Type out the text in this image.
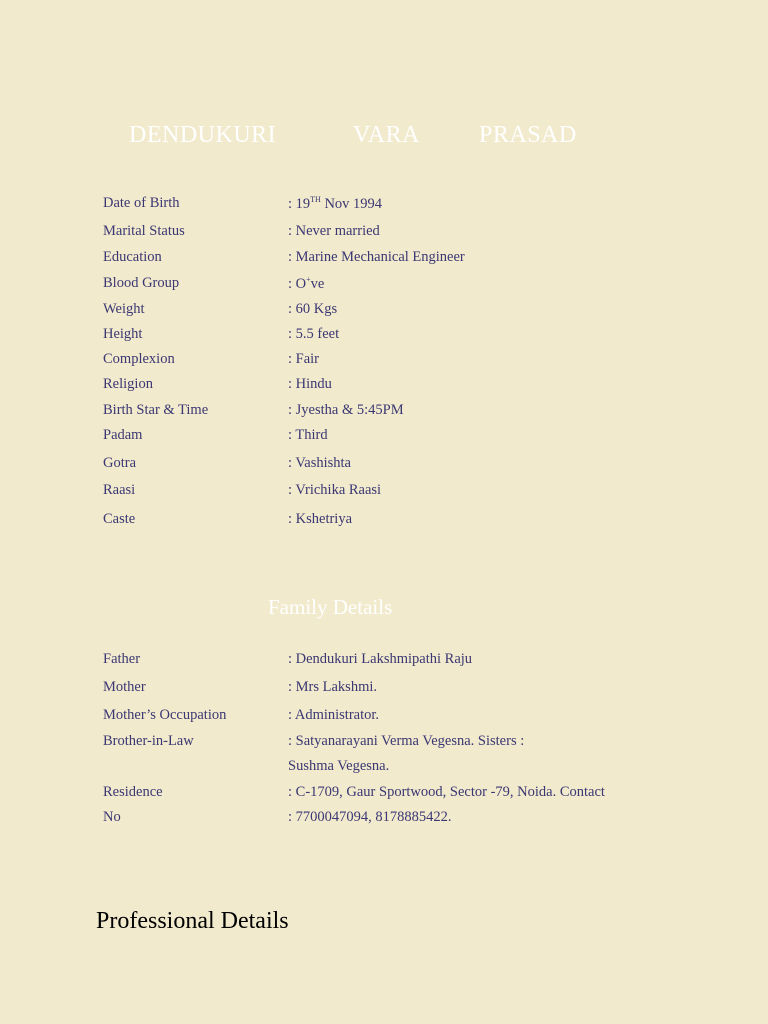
DENDUKURI	VARA PRASAD
Date of Birth	: 19TH Nov 1994
Marital Status	: Never married
Education	: Marine Mechanical Engineer
Blood Group	: O+ve
Weight	: 60 Kgs
Height	: 5.5 feet
Complexion	: Fair
Religion	: Hindu
Birth Star & Time	: Jyestha & 5:45PM
Padam	: Third
Gotra	: Vashishta
Raasi	: Vrichika Raasi
Caste	: Kshetriya
Family Details
Father	: Dendukuri Lakshmipathi Raju
Mother	: Mrs Lakshmi.
Mother’s Occupation	: Administrator.
Brother-in-Law	: Satyanarayani Verma Vegesna. Sisters :
Sushma Vegesna.
Residence	: C-1709, Gaur Sportwood, Sector -79, Noida. Contact
No	: 7700047094, 8178885422.
Professional Details
